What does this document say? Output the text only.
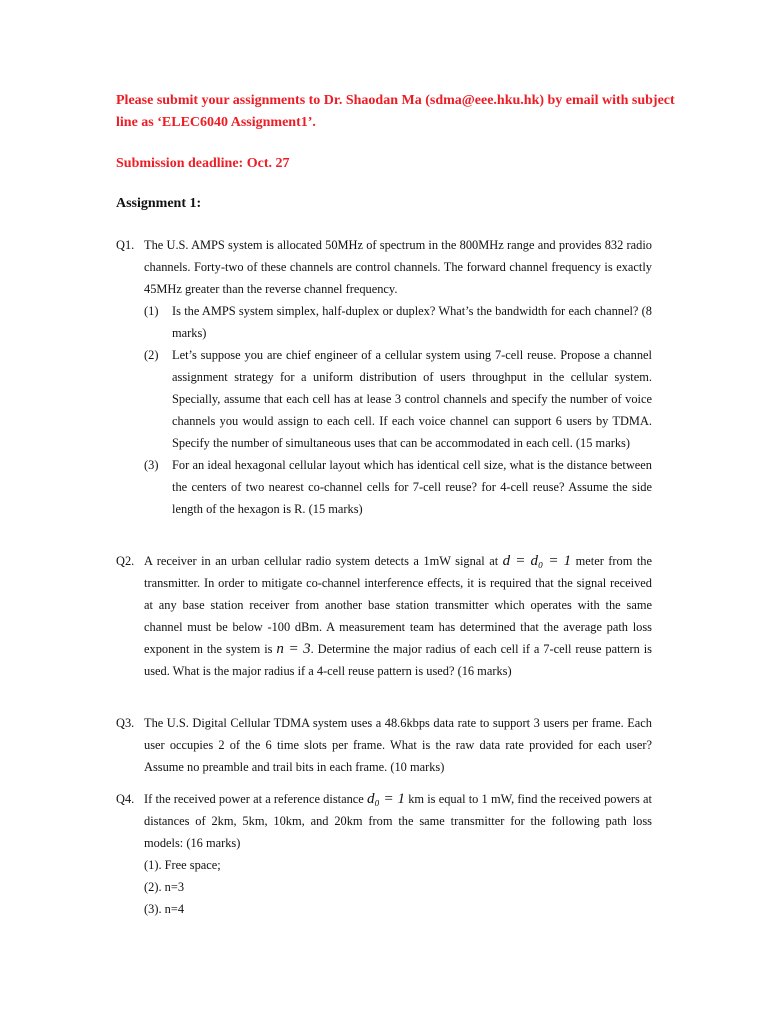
Please submit your assignments to Dr. Shaodan Ma (sdma@eee.hku.hk) by email with subject line as ‘ELEC6040 Assignment1’.
Submission deadline: Oct. 27
Assignment 1:
Q1. The U.S. AMPS system is allocated 50MHz of spectrum in the 800MHz range and provides 832 radio channels. Forty-two of these channels are control channels. The forward channel frequency is exactly 45MHz greater than the reverse channel frequency.
(1)	Is the AMPS system simplex, half-duplex or duplex? What’s the bandwidth for each channel? (8 marks)
(2)	Let’s suppose you are chief engineer of a cellular system using 7-cell reuse. Propose a channel assignment strategy for a uniform distribution of users throughput in the cellular system. Specially, assume that each cell has at lease 3 control channels and specify the number of voice channels you would assign to each cell. If each voice channel can support 6 users by TDMA. Specify the number of simultaneous uses that can be accommodated in each cell. (15 marks)
(3)	For an ideal hexagonal cellular layout which has identical cell size, what is the distance between the centers of two nearest co-channel cells for 7-cell reuse? for 4-cell reuse? Assume the side length of the hexagon is R. (15 marks)
Q2. A receiver in an urban cellular radio system detects a 1mW signal at d = d₀ = 1 meter from the transmitter. In order to mitigate co-channel interference effects, it is required that the signal received at any base station receiver from another base station transmitter which operates with the same channel must be below -100 dBm. A measurement team has determined that the average path loss exponent in the system is n = 3. Determine the major radius of each cell if a 7-cell reuse pattern is used. What is the major radius if a 4-cell reuse pattern is used? (16 marks)
Q3. The U.S. Digital Cellular TDMA system uses a 48.6kbps data rate to support 3 users per frame. Each user occupies 2 of the 6 time slots per frame. What is the raw data rate provided for each user? Assume no preamble and trail bits in each frame. (10 marks)
Q4. If the received power at a reference distance d₀ = 1 km is equal to 1 mW, find the received powers at distances of 2km, 5km, 10km, and 20km from the same transmitter for the following path loss models: (16 marks)
(1). Free space;
(2). n=3
(3). n=4
